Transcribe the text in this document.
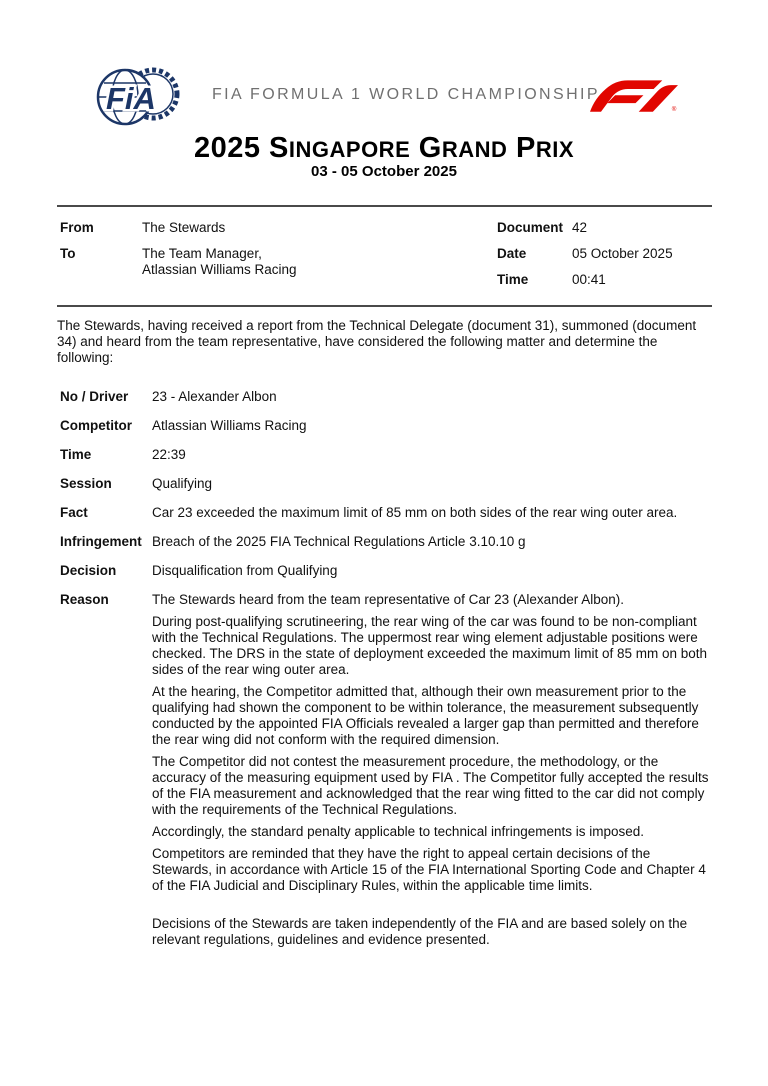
FiA	FIA FORMULA 1 WORLD CHAMPIONSHIP
®
2025 SINGAPORE GRAND PRIX
03 - 05 October 2025
From	The Stewards
To	The Team Manager,
Atlassian Williams Racing
Document 42
Date	05 October 2025
Time	00:41

The Stewards, having received a report from the Technical Delegate (document 31), summoned (document 34) and heard from the team representative, have considered the following matter and determine the following:

No / Driver	23 - Alexander Albon
Competitor	Atlassian Williams Racing
Time	22:39
Session	Qualifying
Fact	Car 23 exceeded the maximum limit of 85 mm on both sides of the rear wing outer area.
Infringement Breach of the 2025 FIA Technical Regulations Article 3.10.10 g
Decision	Disqualification from Qualifying
Reason	The Stewards heard from the team representative of Car 23 (Alexander Albon).

During post-qualifying scrutineering, the rear wing of the car was found to be non-compliant with the Technical Regulations. The uppermost rear wing element adjustable positions were checked. The DRS in the state of deployment exceeded the maximum limit of 85 mm on both sides of the rear wing outer area.

At the hearing, the Competitor admitted that, although their own measurement prior to the qualifying had shown the component to be within tolerance, the measurement subsequently conducted by the appointed FIA Officials revealed a larger gap than permitted and therefore the rear wing did not conform with the required dimension.

The Competitor did not contest the measurement procedure, the methodology, or the accuracy of the measuring equipment used by FIA . The Competitor fully accepted the results of the FIA measurement and acknowledged that the rear wing fitted to the car did not comply with the requirements of the Technical Regulations.

Accordingly, the standard penalty applicable to technical infringements is imposed.

Competitors are reminded that they have the right to appeal certain decisions of the Stewards, in accordance with Article 15 of the FIA International Sporting Code and Chapter 4 of the FIA Judicial and Disciplinary Rules, within the applicable time limits.

Decisions of the Stewards are taken independently of the FIA and are based solely on the relevant regulations, guidelines and evidence presented.
